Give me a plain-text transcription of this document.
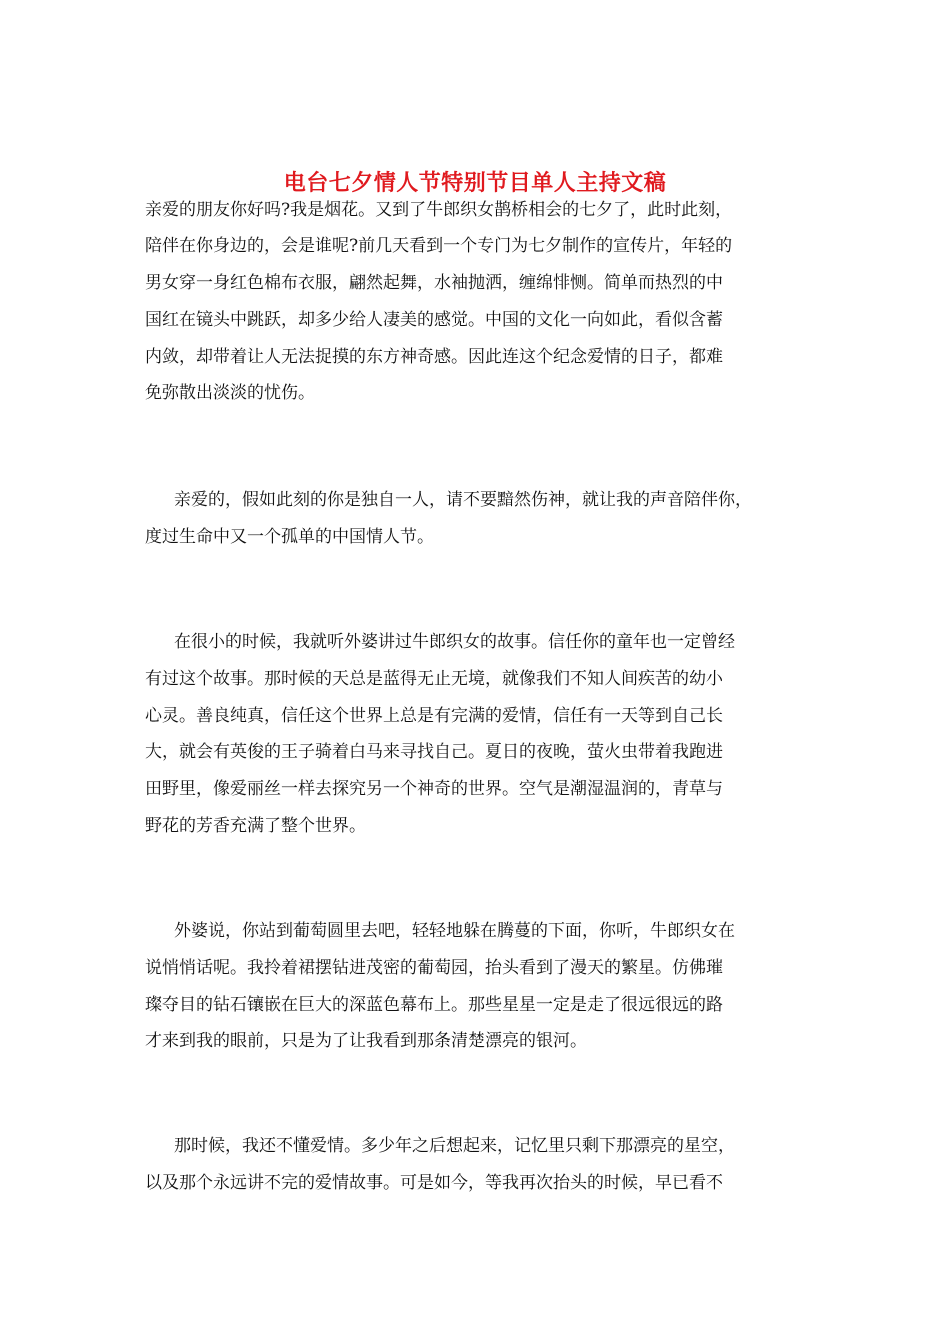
电台七夕情人节特别节目单人主持文稿

亲爱的朋友你好吗?我是烟花。又到了牛郎织女鹊桥相会的七夕了，此时此刻，

陪伴在你身边的，会是谁呢?前几天看到一个专门为七夕制作的宣传片，年轻的

男女穿一身红色棉布衣服，翩然起舞，水袖抛洒，缠绵悱恻。简单而热烈的中

国红在镜头中跳跃，却多少给人凄美的感觉。中国的文化一向如此，看似含蓄

内敛，却带着让人无法捉摸的东方神奇感。因此连这个纪念爱情的日子，都难

免弥散出淡淡的忧伤。

亲爱的，假如此刻的你是独自一人，请不要黯然伤神，就让我的声音陪伴你，

度过生命中又一个孤单的中国情人节。

在很小的时候，我就听外婆讲过牛郎织女的故事。信任你的童年也一定曾经

有过这个故事。那时候的天总是蓝得无止无境，就像我们不知人间疾苦的幼小

心灵。善良纯真，信任这个世界上总是有完满的爱情，信任有一天等到自己长

大，就会有英俊的王子骑着白马来寻找自己。夏日的夜晚，萤火虫带着我跑进

田野里，像爱丽丝一样去探究另一个神奇的世界。空气是潮湿温润的，青草与

野花的芳香充满了整个世界。

外婆说，你站到葡萄圆里去吧，轻轻地躲在腾蔓的下面，你听，牛郎织女在

说悄悄话呢。我拎着裙摆钻进茂密的葡萄园，抬头看到了漫天的繁星。仿佛璀

璨夺目的钻石镶嵌在巨大的深蓝色幕布上。那些星星一定是走了很远很远的路

才来到我的眼前，只是为了让我看到那条清楚漂亮的银河。

那时候，我还不懂爱情。多少年之后想起来，记忆里只剩下那漂亮的星空，

以及那个永远讲不完的爱情故事。可是如今，等我再次抬头的时候，早已看不
